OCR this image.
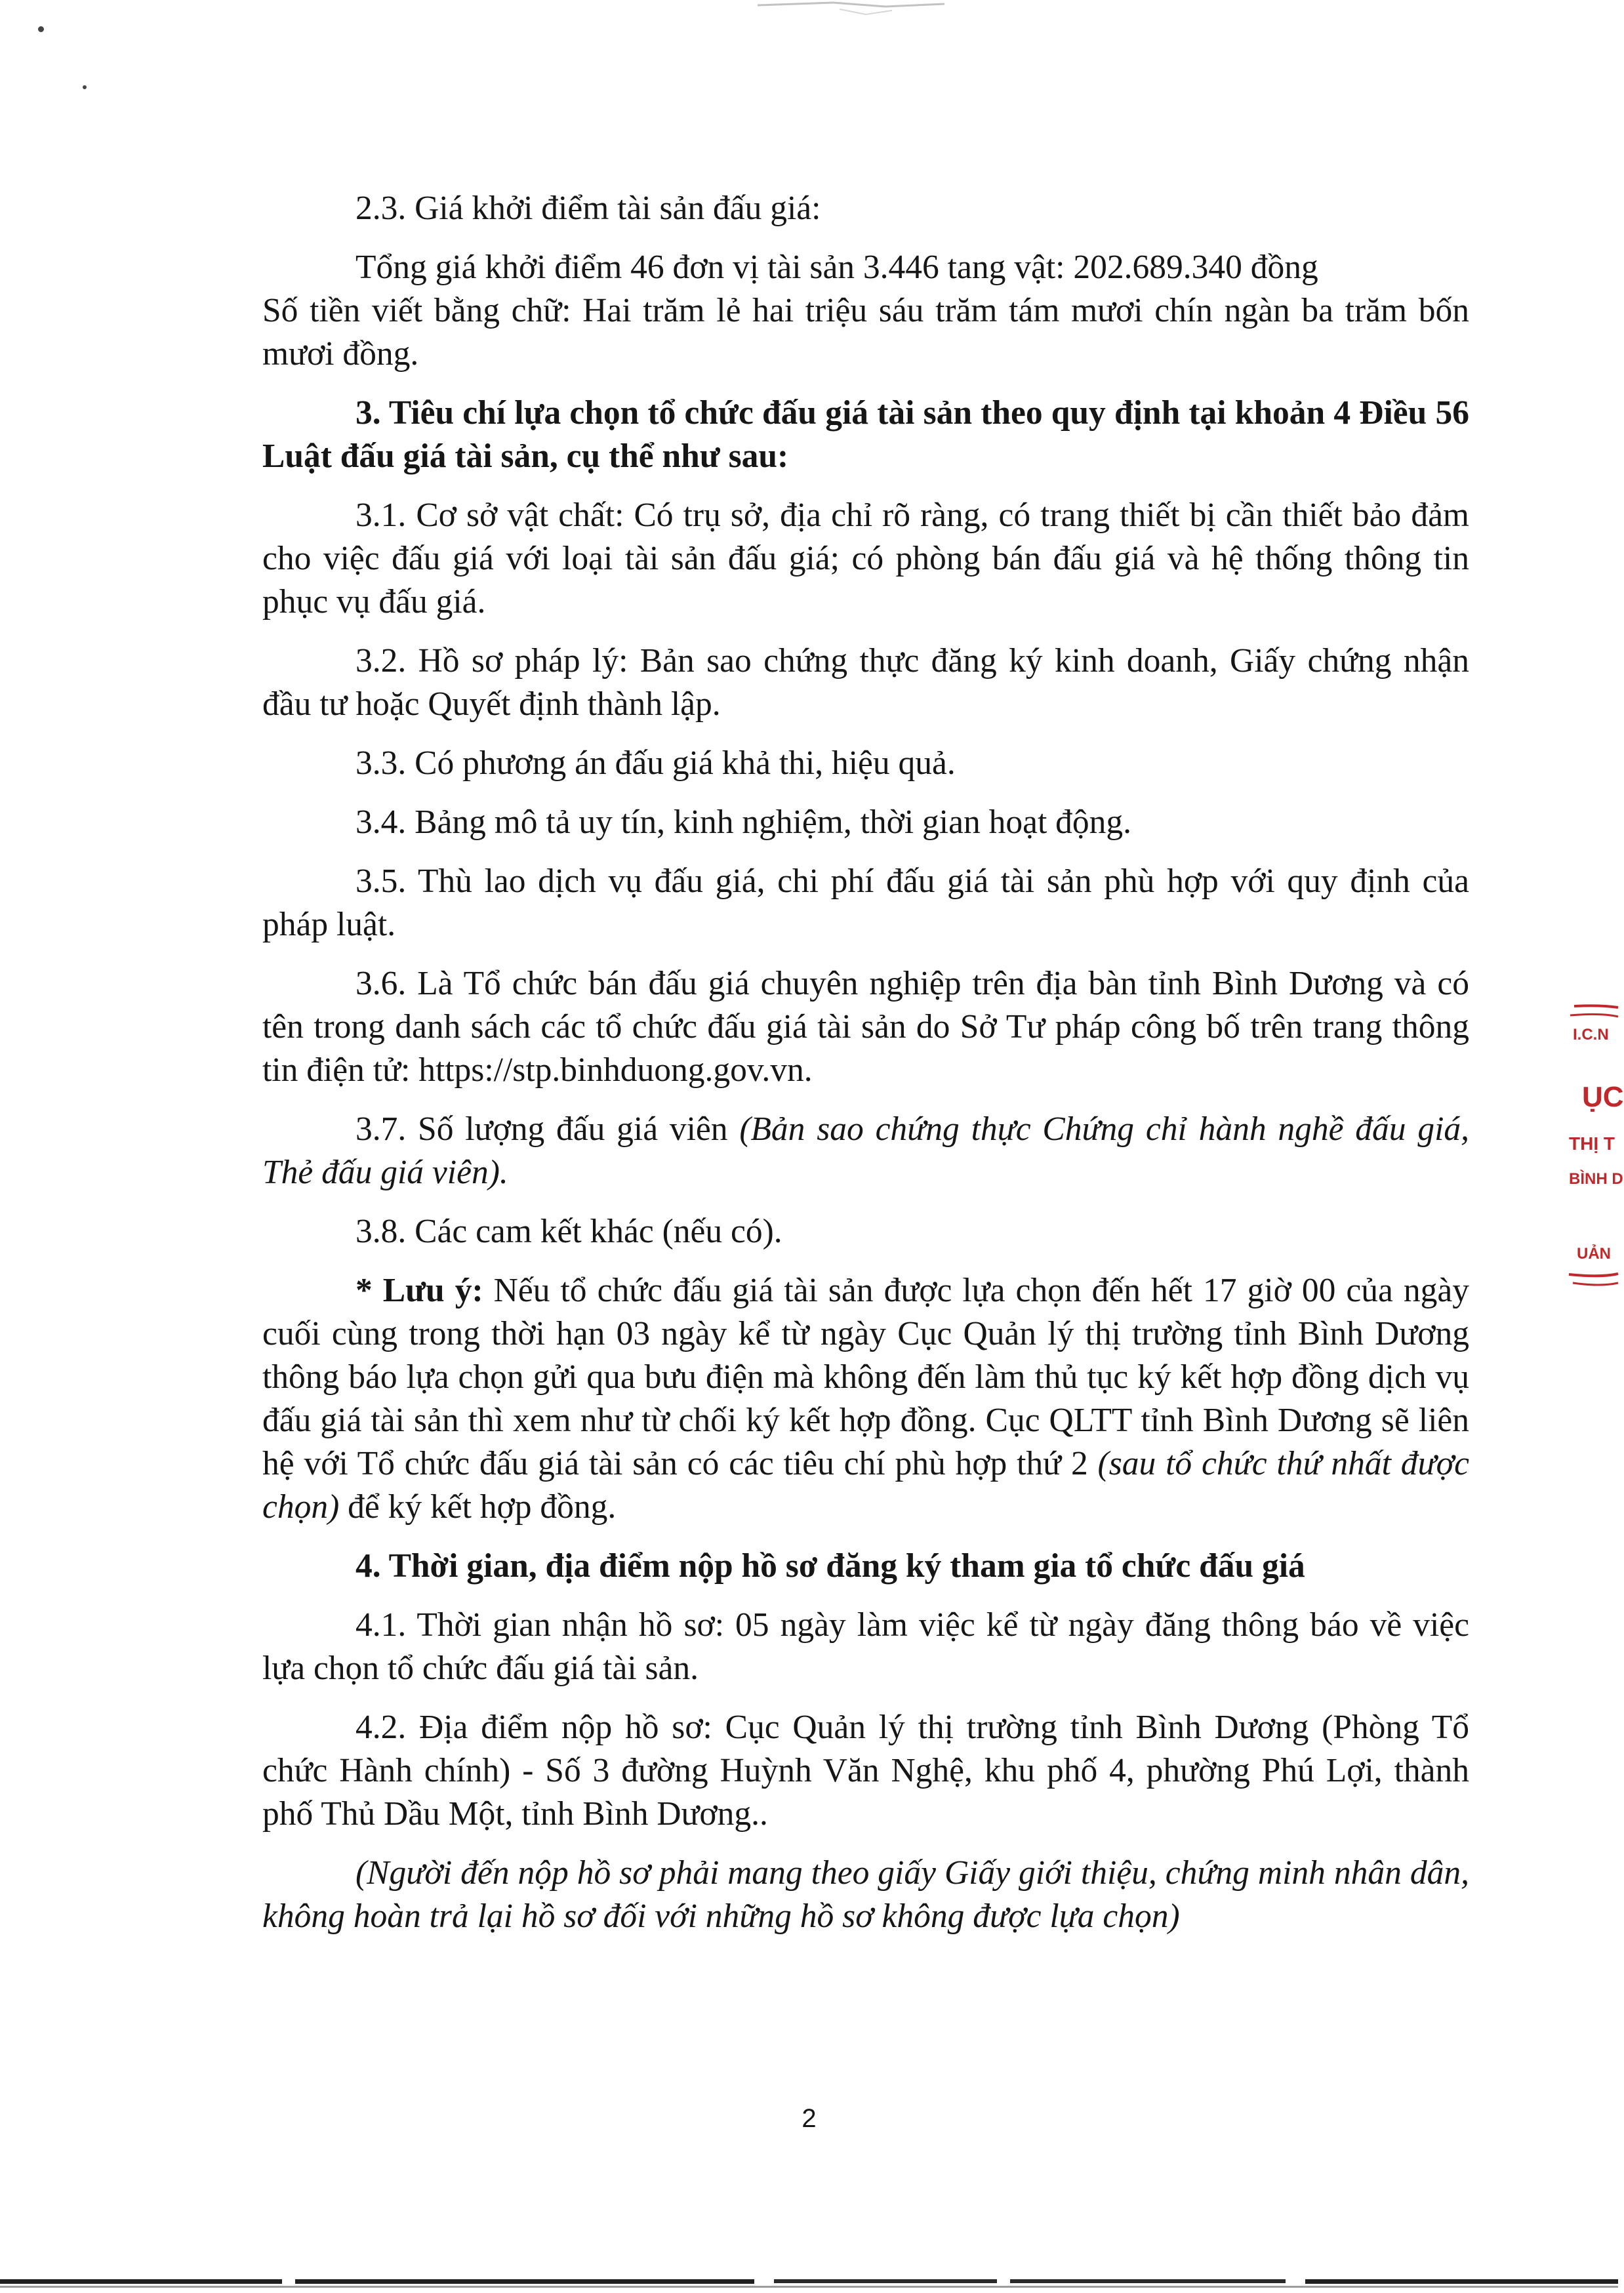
2.3. Giá khởi điểm tài sản đấu giá:

Tổng giá khởi điểm 46 đơn vị tài sản 3.446 tang vật: 202.689.340 đồng

Số tiền viết bằng chữ: Hai trăm lẻ hai triệu sáu trăm tám mươi chín ngàn ba trăm bốn mươi đồng.

3. Tiêu chí lựa chọn tổ chức đấu giá tài sản theo quy định tại khoản 4 Điều 56 Luật đấu giá tài sản, cụ thể như sau:

3.1. Cơ sở vật chất: Có trụ sở, địa chỉ rõ ràng, có trang thiết bị cần thiết bảo đảm cho việc đấu giá với loại tài sản đấu giá; có phòng bán đấu giá và hệ thống thông tin phục vụ đấu giá.

3.2. Hồ sơ pháp lý: Bản sao chứng thực đăng ký kinh doanh, Giấy chứng nhận đầu tư hoặc Quyết định thành lập.

3.3. Có phương án đấu giá khả thi, hiệu quả.

3.4. Bảng mô tả uy tín, kinh nghiệm, thời gian hoạt động.

3.5. Thù lao dịch vụ đấu giá, chi phí đấu giá tài sản phù hợp với quy định của pháp luật.

3.6. Là Tổ chức bán đấu giá chuyên nghiệp trên địa bàn tỉnh Bình Dương và có tên trong danh sách các tổ chức đấu giá tài sản do Sở Tư pháp công bố trên trang thông tin điện tử: https://stp.binhduong.gov.vn.

3.7. Số lượng đấu giá viên (Bản sao chứng thực Chứng chỉ hành nghề đấu giá, Thẻ đấu giá viên).

3.8. Các cam kết khác (nếu có).

* Lưu ý: Nếu tổ chức đấu giá tài sản được lựa chọn đến hết 17 giờ 00 của ngày cuối cùng trong thời hạn 03 ngày kể từ ngày Cục Quản lý thị trường tỉnh Bình Dương thông báo lựa chọn gửi qua bưu điện mà không đến làm thủ tục ký kết hợp đồng dịch vụ đấu giá tài sản thì xem như từ chối ký kết hợp đồng. Cục QLTT tỉnh Bình Dương sẽ liên hệ với Tổ chức đấu giá tài sản có các tiêu chí phù hợp thứ 2 (sau tổ chức thứ nhất được chọn) để ký kết hợp đồng.

4. Thời gian, địa điểm nộp hồ sơ đăng ký tham gia tổ chức đấu giá

4.1. Thời gian nhận hồ sơ: 05 ngày làm việc kể từ ngày đăng thông báo về việc lựa chọn tổ chức đấu giá tài sản.

4.2. Địa điểm nộp hồ sơ: Cục Quản lý thị trường tỉnh Bình Dương (Phòng Tổ chức Hành chính) - Số 3 đường Huỳnh Văn Nghệ, khu phố 4, phường Phú Lợi, thành phố Thủ Dầu Một, tỉnh Bình Dương..

(Người đến nộp hồ sơ phải mang theo giấy Giấy giới thiệu, chứng minh nhân dân, không hoàn trả lại hồ sơ đối với những hồ sơ không được lựa chọn)

2
I.C.N
ỤC
THỊ T
BÌNH D
UẢN
